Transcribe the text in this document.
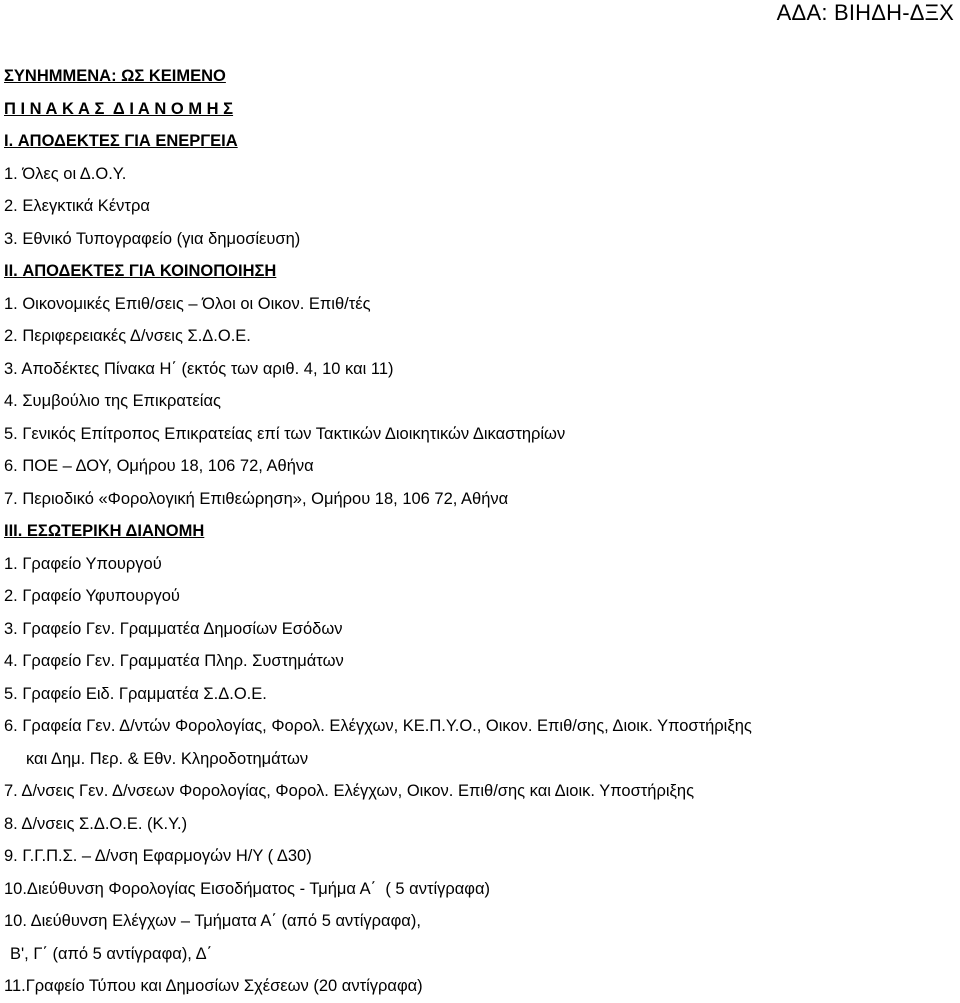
ΑΔΑ: ΒΙΗΔΗ-ΔΞΧ
ΣΥΝΗΜΜΕΝΑ: ΩΣ ΚΕΙΜΕΝΟ
Π Ι Ν Α Κ Α Σ  Δ Ι Α Ν Ο Μ Η Σ
I. ΑΠΟΔΕΚΤΕΣ ΓΙΑ ΕΝΕΡΓΕΙΑ
1. Όλες οι Δ.Ο.Υ.
2. Ελεγκτικά Κέντρα
3. Εθνικό Τυπογραφείο (για δημοσίευση)
II. ΑΠΟΔΕΚΤΕΣ ΓΙΑ ΚΟΙΝΟΠΟΙΗΣΗ
1. Οικονομικές Επιθ/σεις – Όλοι οι Οικον. Επιθ/τές
2. Περιφερειακές Δ/νσεις Σ.Δ.Ο.Ε.
3. Αποδέκτες Πίνακα Η΄ (εκτός των αριθ. 4, 10 και 11)
4. Συμβούλιο της Επικρατείας
5. Γενικός Επίτροπος Επικρατείας επί των Τακτικών Διοικητικών Δικαστηρίων
6. ΠΟΕ – ΔΟΥ, Ομήρου 18, 106 72, Αθήνα
7. Περιοδικό «Φορολογική Επιθεώρηση», Ομήρου 18, 106 72, Αθήνα
III. ΕΣΩΤΕΡΙΚΗ ΔΙΑΝΟΜΗ
1. Γραφείο Υπουργού
2. Γραφείο Υφυπουργού
3. Γραφείο Γεν. Γραμματέα Δημοσίων Εσόδων
4. Γραφείο Γεν. Γραμματέα Πληρ. Συστημάτων
5. Γραφείο Ειδ. Γραμματέα Σ.Δ.Ο.Ε.
6. Γραφεία Γεν. Δ/ντών Φορολογίας, Φορολ. Ελέγχων, ΚΕ.Π.Υ.Ο., Οικον. Επιθ/σης, Διοικ. Υποστήριξης
και Δημ. Περ. & Εθν. Κληροδοτημάτων
7. Δ/νσεις Γεν. Δ/νσεων Φορολογίας, Φορολ. Ελέγχων, Οικον. Επιθ/σης και Διοικ. Υποστήριξης
8. Δ/νσεις Σ.Δ.Ο.Ε. (Κ.Υ.)
9. Γ.Γ.Π.Σ. – Δ/νση Εφαρμογών Η/Υ ( Δ30)
10.Διεύθυνση Φορολογίας Εισοδήματος - Τμήμα Α΄  ( 5 αντίγραφα)
10. Διεύθυνση Ελέγχων – Τμήματα Α΄ (από 5 αντίγραφα),
Β', Γ΄ (από 5 αντίγραφα), Δ΄
11.Γραφείο Τύπου και Δημοσίων Σχέσεων (20 αντίγραφα)
